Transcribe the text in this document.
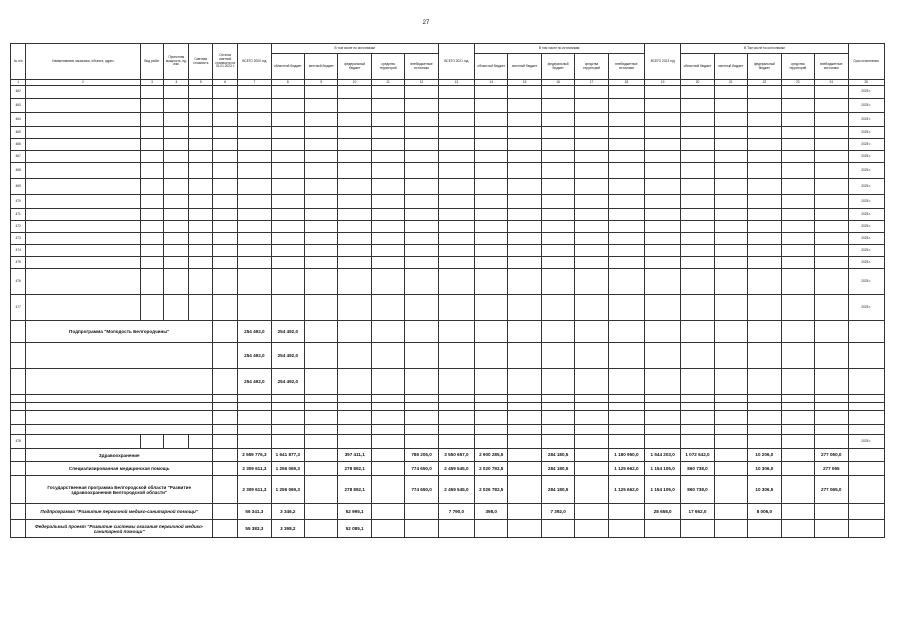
27
№ п/п	Наименование заказчика, объекта, адрес	Вид работ	Проектная мощность, ед. изм.	Сметная стоимость	Остаток сметной стоимости на 01.01.2023 г.	ВСЕГО 2000 год	В том числе по источникам					ВСЕГО 2021 год	В том числе по источникам:					ВСЕГО 2023 год	В Том числе по источникам					Срок исполнения
							областной бюджет	местный бюджет	федеральный бюджет	средства территорий	внебюджетные источники		областной бюджет	местный бюджет	федеральный бюджет	средства территорий	внебюджетные источники		областной бюджет	местный бюджет	федеральный бюджет	средства территорий	внебюджетные источники	
1	2	3	4	5	6	7	8	9	10	11	12	13	14	15	16	17	18	19	20	21	22	23	24	25
462																								2025 г.
463																								2025 г.
464																								2025 г.
465																								2025 г.
466																								2025 г.
467																								2025 г.
468																								2025 г.
469																								2025 г.
470																								2025 г.
471																								2025 г.
472																								2025 г.
473																								2025 г.
474																								2025 г.
475																								2025 г.
476																								2025 г.
477																								2025 г.
	Подпрограмма "Молодость Белгородчины"					254 492,0	254 492,0																	
						254 492,0	254 492,0																	
						254 492,0	254 492,0																	

478																								2025 г.
	Здравоохранение					2 559 776,3	1 641 877,3		397 411,1		786 205,0	3 550 657,0	2 900 285,5		284 180,5		1 180 950,0	1 544 203,0	1 072 642,0		10 206,0		277 060,0	
	Специализированная медицинская помощь					2 309 611,3	1 256 069,3		278 892,1		774 650,0	2 459 545,0	2 020 792,5		284 180,5		1 125 662,0	1 154 105,0	860 738,0		10 306,0		277 065	
	Государственная программа Белгородской области "Развитие здравоохранения Белгородской области"					2 309 611,3	1 256 069,3		278 892,1		774 650,0	2 459 545,0	2 026 782,5		284 180,5		1 125 662,0	1 154 105,0	860 738,0		10 306,5		277 065,0	
	Подпрограмма "Развитие первичной медико-санитарной помощи"					56 341,3	3 346,2		52 995,1			7 790,0	398,0		7 392,0			28 658,0	17 662,0		8 006,0			
	Федеральный проект "Развитие системы оказания первичной медико-санитарной помощи"					55 383,3	3 398,2		52 085,1															
